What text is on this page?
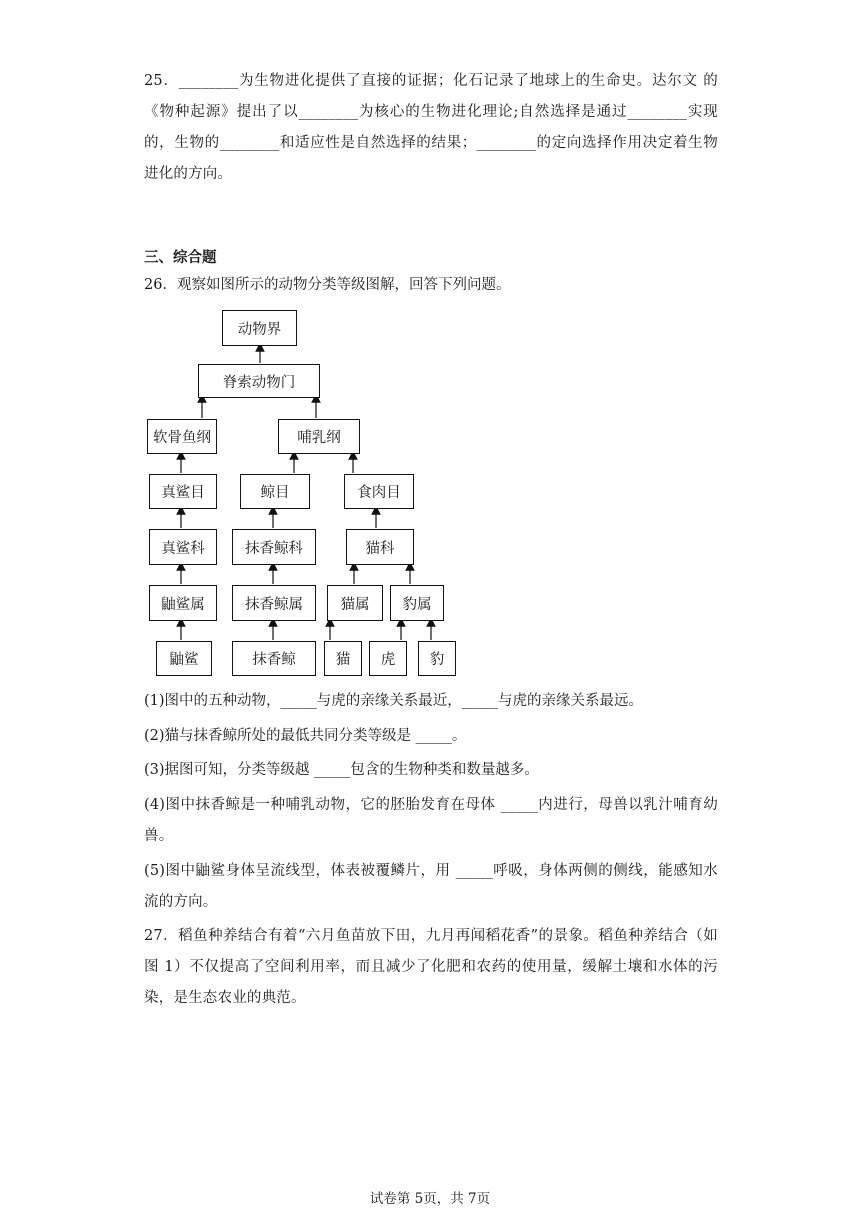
25．________为生物进化提供了直接的证据；化石记录了地球上的生命史。达尔文 的《物种起源》提出了以________为核心的生物进化理论;自然选择是通过________实现的，生物的________和适应性是自然选择的结果；________的定向选择作用决定着生物进化的方向。
三、综合题
26．观察如图所示的动物分类等级图解，回答下列问题。
动物界
脊索动物门
软骨鱼纲	哺乳纲
真鲨目	鲸目	食肉目
真鲨科	抹香鲸科	猫科
鼬鲨属	抹香鲸属	猫属	豹属
鼬鲨	抹香鲸	猫	虎	豹
(1)图中的五种动物，_____与虎的亲缘关系最近，_____与虎的亲缘关系最远。
(2)猫与抹香鲸所处的最低共同分类等级是 _____。
(3)据图可知，分类等级越 _____包含的生物种类和数量越多。
(4)图中抹香鲸是一种哺乳动物，它的胚胎发育在母体 _____内进行，母兽以乳汁哺育幼兽。
(5)图中鼬鲨身体呈流线型，体表被覆鳞片，用 _____呼吸，身体两侧的侧线，能感知水流的方向。
27．稻鱼种养结合有着“六月鱼苗放下田，九月再闻稻花香”的景象。稻鱼种养结合（如图 1）不仅提高了空间利用率，而且减少了化肥和农药的使用量，缓解土壤和水体的污染，是生态农业的典范。
试卷第 5页，共 7页
